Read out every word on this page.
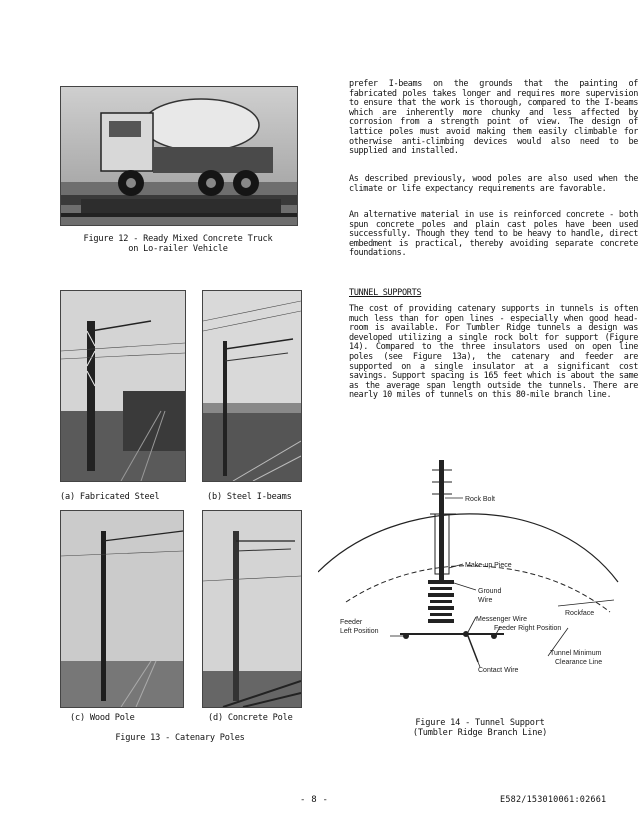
Figure 12 - Ready Mixed Concrete Truck
on Lo-railer Vehicle
(a) Fabricated Steel	(b) Steel I-beams
(c) Wood Pole	(d) Concrete Pole
Figure 13 - Catenary Poles
prefer I-beams on the grounds that the painting of fabricated poles takes longer and requires more supervision to ensure that the work is thorough, compared to the I-beams which are inherently more chunky and less affected by corrosion from a strength point of view. The design of lattice poles must avoid making them easily climbable for otherwise anti-climbing devices would also need to be supplied and installed.
As described previously, wood poles are also used when the climate or life expectancy requirements are favorable.
An alternative material in use is reinforced concrete - both spun concrete poles and plain cast poles have been used successfully. Though they tend to be heavy to handle, direct embedment is practical, thereby avoiding separate concrete foundations.
TUNNEL SUPPORTS
The cost of providing catenary supports in tunnels is often much less than for open lines - especially when good head-room is available. For Tumbler Ridge tunnels a design was developed utilizing a single rock bolt for support (Figure 14). Compared to the three insulators used on open line poles (see Figure 13a), the catenary and feeder are supported on a single insulator at a significant cost savings. Support spacing is 165 feet which is about the same as the average span length outside the tunnels. There are nearly 10 miles of tunnels on this 80-mile branch line.
Rock Bolt
Make-up Piece
Ground
Wire
Rockface
Messenger Wire
Feeder Right Position
Feeder
Left Position
Tunnel Minimum
Clearance Line
Contact Wire
Figure 14 - Tunnel Support
(Tumbler Ridge Branch Line)
- 8 -	E582/153010061:02661
